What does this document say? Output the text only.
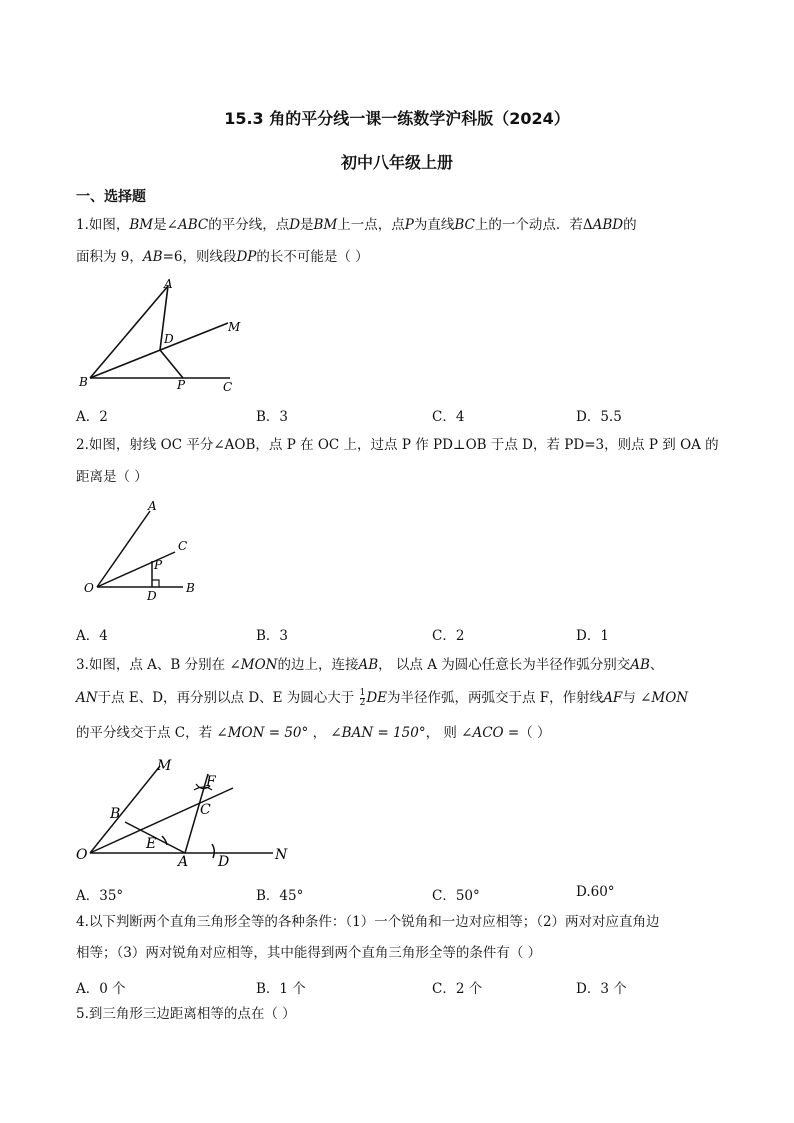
15.3 角的平分线一课一练数学沪科版（2024）
初中八年级上册
一、选择题
1.如图，BM是∠ABC的平分线，点D是BM上一点，点P为直线BC上的一个动点．若ΔABD的
面积为 9，AB=6，则线段DP的长不可能是（ ）
A
D
M
B	P	C
A．2	B．3	C．4	D．5.5
2.如图，射线 OC 平分∠AOB，点 P 在 OC 上，过点 P 作 PD⊥OB 于点 D，若 PD=3，则点 P 到 OA 的
距离是（ ）
A
C
P
O	B
D
A．4	B．3	C．2	D．1
3.如图，点 A、B 分别在 ∠MON的边上，连接AB， 以点 A 为圆心任意长为半径作弧分别交AB、
AN于点 E、D，再分别以点 D、E 为圆心大于 $\frac{1}{2}$ DE为半径作弧，两弧交于点 F，作射线AF与 ∠MON
的平分线交于点 C，若 ∠MON = 50° ， ∠BAN = 150°， 则 ∠ACO =（ ）
M
F
C
B
E
O	A D	N
A．35°	B．45°	C．50°	D.60°
4.以下判断两个直角三角形全等的各种条件：（1）一个锐角和一边对应相等；（2）两对对应直角边
相等；（3）两对锐角对应相等，其中能得到两个直角三角形全等的条件有（ ）
A．0 个	B．1 个	C．2 个	D．3 个
5.到三角形三边距离相等的点在（ ）
